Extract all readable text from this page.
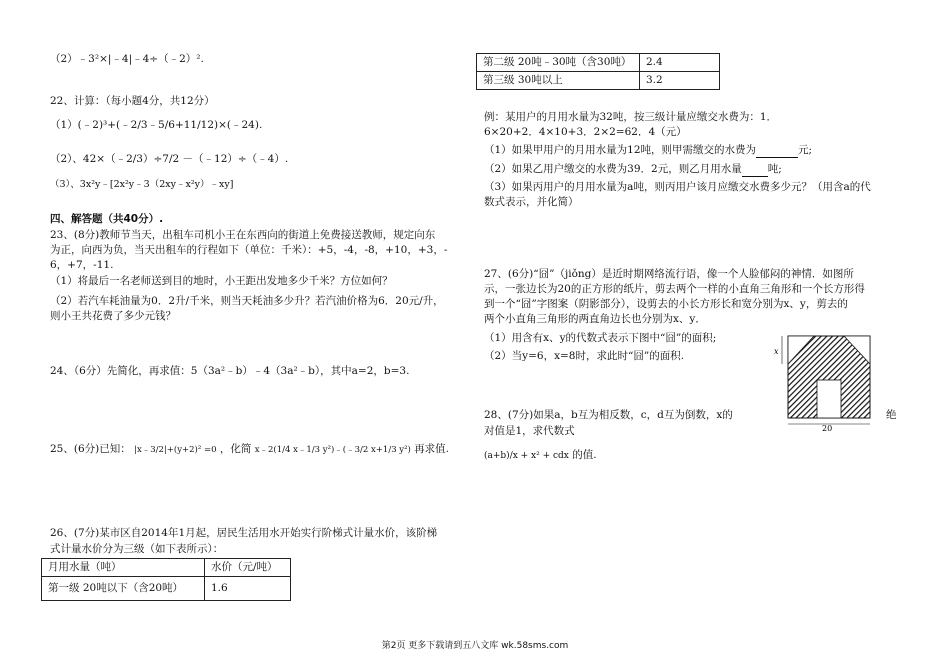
（2）﹣3²×|﹣4|﹣4÷（﹣2）².
22、计算：（每小题4分，共12分）
（1）(﹣2)³+(﹣2/3﹣5/6+11/12)×(﹣24).
（2）、42×（﹣2/3）÷7/2 －（﹣12）÷（﹣4）.
（3）、3x²y﹣[2x²y﹣3（2xy﹣x²y）﹣xy]
四、解答题（共40分）.
23、(8分)教师节当天，出租车司机小王在东西向的街道上免费接送教师，规定向东
为正，向西为负，当天出租车的行程如下（单位：千米）：+5，-4，-8，+10，+3，-
6，+7，-11.
（1）将最后一名老师送到目的地时，小王距出发地多少千米？方位如何？
（2）若汽车耗油量为0．2升/千米，则当天耗油多少升？若汽油价格为6．20元/升，
则小王共花费了多少元钱？
24、（6分）先简化，再求值：5（3a²﹣b）﹣4（3a²﹣b），其中a=2，b=3.
25、(6分)已知： |x﹣3/2|+(y+2)² =0 ，化简 x﹣2(1/4 x﹣1/3 y²)﹣(﹣3/2 x+1/3 y²) 再求值.
26、(7分)某市区自2014年1月起，居民生活用水开始实行阶梯式计量水价，该阶梯
式计量水价分为三级（如下表所示）：
月用水量（吨）	水价（元/吨）
第一级 20吨以下（含20吨）	1.6
第二级 20吨﹣30吨（含30吨）	2.4
第三级 30吨以上	3.2
例：某用户的月用水量为32吨，按三级计量应缴交水费为：1．
6×20+2．4×10+3．2×2=62．4（元）
（1）如果甲用户的月用水量为12吨，则甲需缴交的水费为	元;
（2）如果乙用户缴交的水费为39．2元，则乙月用水量 吨;
（3）如果丙用户的月用水量为a吨，则丙用户该月应缴交水费多少元？（用含a的代
数式表示，并化简）
27、(6分)“囧”（jiǒng）是近时期网络流行语，像一个人脸郁闷的神情．如图所
示，一张边长为20的正方形的纸片，剪去两个一样的小直角三角形和一个长方形得
到一个“囧”字图案（阴影部分），设剪去的小长方形长和宽分别为x、y，剪去的
两个小直角三角形的两直角边长也分别为x、y．
（1）用含有x、y的代数式表示下图中“囧”的面积;
（2）当y=6，x=8时，求此时“囧”的面积.	x
20
28、(7分)如果a，b互为相反数，c，d互为倒数，x的	绝
对值是1，求代数式
(a+b)/x + x² + cdx 的值.
第2页 更多下载请到五八文库 wk.58sms.com
